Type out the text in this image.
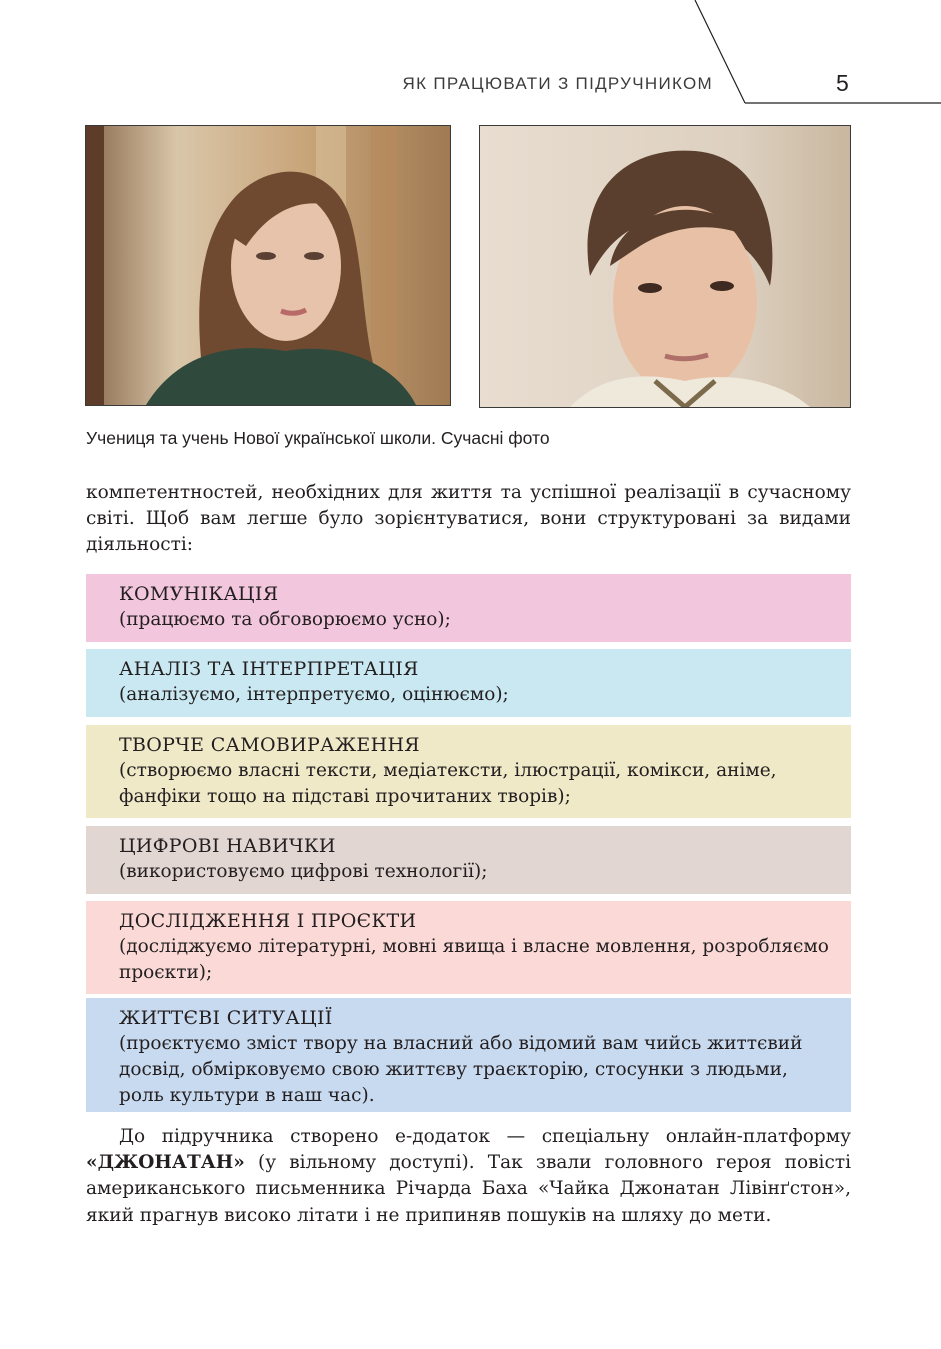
ЯК ПРАЦЮВАТИ З ПІДРУЧНИКОМ	5
Учениця та учень Нової української школи. Сучасні фото

компетентностей, необхідних для життя та успішної реалізації в сучасному світі. Щоб вам легше було зорієнтуватися, вони структуровані за видами діяльності:

КОМУНІКАЦІЯ
(працюємо та обговорюємо усно);
АНАЛІЗ ТА ІНТЕРПРЕТАЦІЯ
(аналізуємо, інтерпретуємо, оцінюємо);
ТВОРЧЕ САМОВИРАЖЕННЯ
(створюємо власні тексти, медіатексти, ілюстрації, комікси, аніме, фанфіки тощо на підставі прочитаних творів);
ЦИФРОВІ НАВИЧКИ
(використовуємо цифрові технології);
ДОСЛІДЖЕННЯ І ПРОЄКТИ
(досліджуємо літературні, мовні явища і власне мовлення, розробляємо проєкти);
ЖИТТЄВІ СИТУАЦІЇ
(проєктуємо зміст твору на власний або відомий вам чийсь життєвий досвід, обмірковуємо свою життєву траєкторію, стосунки з людьми, роль культури в наш час).

До підручника створено е-додаток — спеціальну онлайн-платформу «ДЖОНАТАН» (у вільному доступі). Так звали головного героя повісті американського письменника Річарда Баха «Чайка Джонатан Лівінґстон», який прагнув високо літати і не припиняв пошуків на шляху до мети.
